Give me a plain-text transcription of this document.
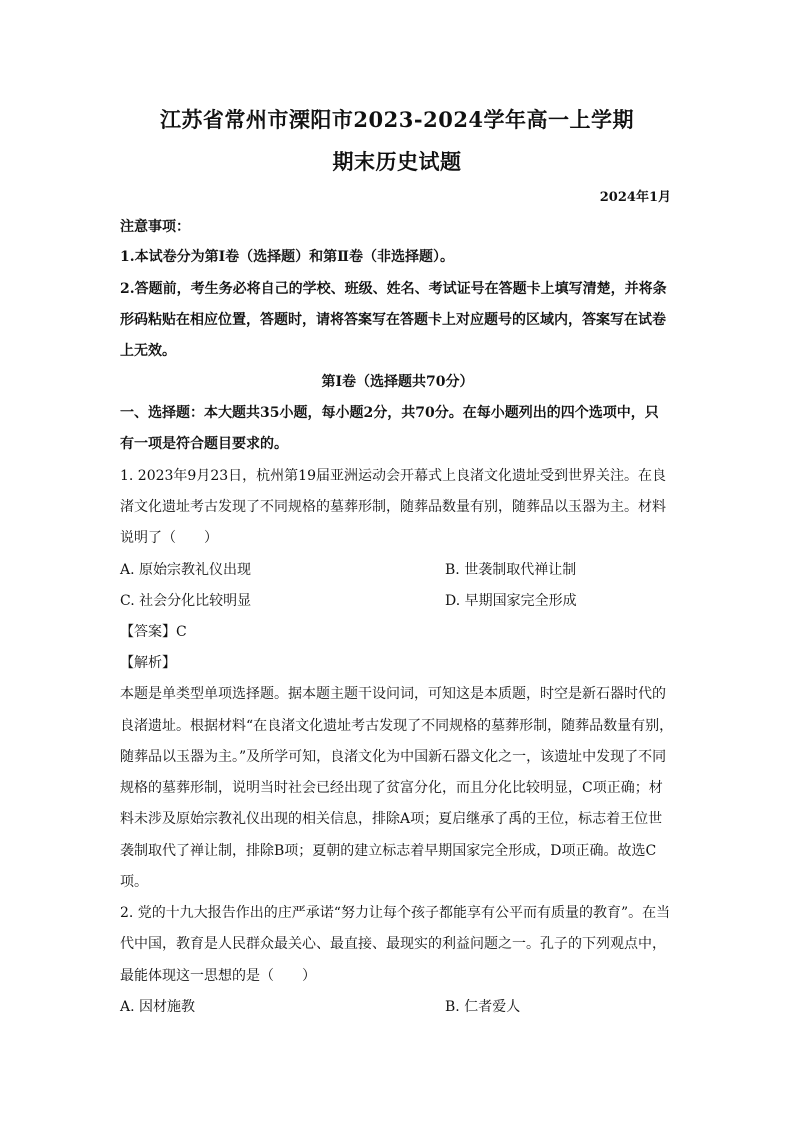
江苏省常州市溧阳市2023-2024学年高一上学期
期末历史试题
2024年1月
注意事项：
1.本试卷分为第Ⅰ卷（选择题）和第Ⅱ卷（非选择题）。
2.答题前，考生务必将自己的学校、班级、姓名、考试证号在答题卡上填写清楚，并将条
形码粘贴在相应位置，答题时，请将答案写在答题卡上对应题号的区域内，答案写在试卷
上无效。
第Ⅰ卷（选择题共70分）
一、选择题：本大题共35小题，每小题2分，共70分。在每小题列出的四个选项中，只
有一项是符合题目要求的。
1. 2023年9月23日，杭州第19届亚洲运动会开幕式上良渚文化遗址受到世界关注。在良
渚文化遗址考古发现了不同规格的墓葬形制，随葬品数量有别，随葬品以玉器为主。材料
说明了（　　）
A. 原始宗教礼仪出现	B. 世袭制取代禅让制
C. 社会分化比较明显	D. 早期国家完全形成
【答案】C
【解析】
本题是单类型单项选择题。据本题主题干设问词，可知这是本质题，时空是新石器时代的
良渚遗址。根据材料“在良渚文化遗址考古发现了不同规格的墓葬形制，随葬品数量有别，
随葬品以玉器为主。”及所学可知，良渚文化为中国新石器文化之一，该遗址中发现了不同
规格的墓葬形制，说明当时社会已经出现了贫富分化，而且分化比较明显，C项正确；材
料未涉及原始宗教礼仪出现的相关信息，排除A项；夏启继承了禹的王位，标志着王位世
袭制取代了禅让制，排除B项；夏朝的建立标志着早期国家完全形成，D项正确。故选C
项。
2. 党的十九大报告作出的庄严承诺“努力让每个孩子都能享有公平而有质量的教育”。在当
代中国，教育是人民群众最关心、最直接、最现实的利益问题之一。孔子的下列观点中，
最能体现这一思想的是（　　）
A. 因材施教	B. 仁者爱人
